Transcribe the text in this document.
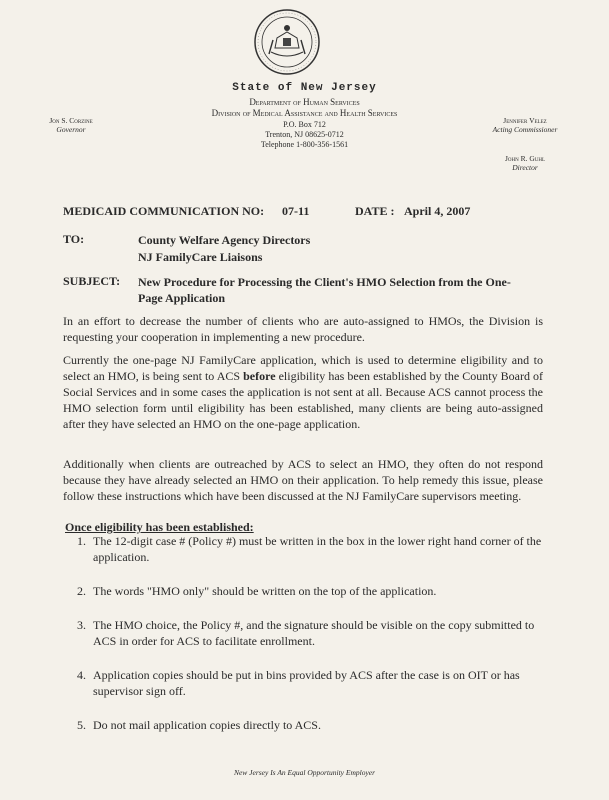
State of New Jersey
Department of Human Services
Division of Medical Assistance and Health Services
P.O. Box 712
Trenton, NJ 08625-0712
Telephone 1-800-356-1561
Jon S. Corzine
Governor
Jennifer Velez
Acting Commissioner
John R. Guhl
Director
MEDICAID COMMUNICATION NO: 07-11	DATE : April 4, 2007
TO:	County Welfare Agency Directors
NJ FamilyCare Liaisons
SUBJECT: New Procedure for Processing the Client's HMO Selection from the One-Page Application
In an effort to decrease the number of clients who are auto-assigned to HMOs, the Division is requesting your cooperation in implementing a new procedure.
Currently the one-page NJ FamilyCare application, which is used to determine eligibility and to select an HMO, is being sent to ACS before eligibility has been established by the County Board of Social Services and in some cases the application is not sent at all. Because ACS cannot process the HMO selection form until eligibility has been established, many clients are being auto-assigned after they have selected an HMO on the one-page application.
Additionally when clients are outreached by ACS to select an HMO, they often do not respond because they have already selected an HMO on their application. To help remedy this issue, please follow these instructions which have been discussed at the NJ FamilyCare supervisors meeting.
Once eligibility has been established:
1. The 12-digit case # (Policy #) must be written in the box in the lower right hand corner of the application.
2. The words "HMO only" should be written on the top of the application.
3. The HMO choice, the Policy #, and the signature should be visible on the copy submitted to ACS in order for ACS to facilitate enrollment.
4. Application copies should be put in bins provided by ACS after the case is on OIT or has supervisor sign off.
5. Do not mail application copies directly to ACS.
New Jersey Is An Equal Opportunity Employer
